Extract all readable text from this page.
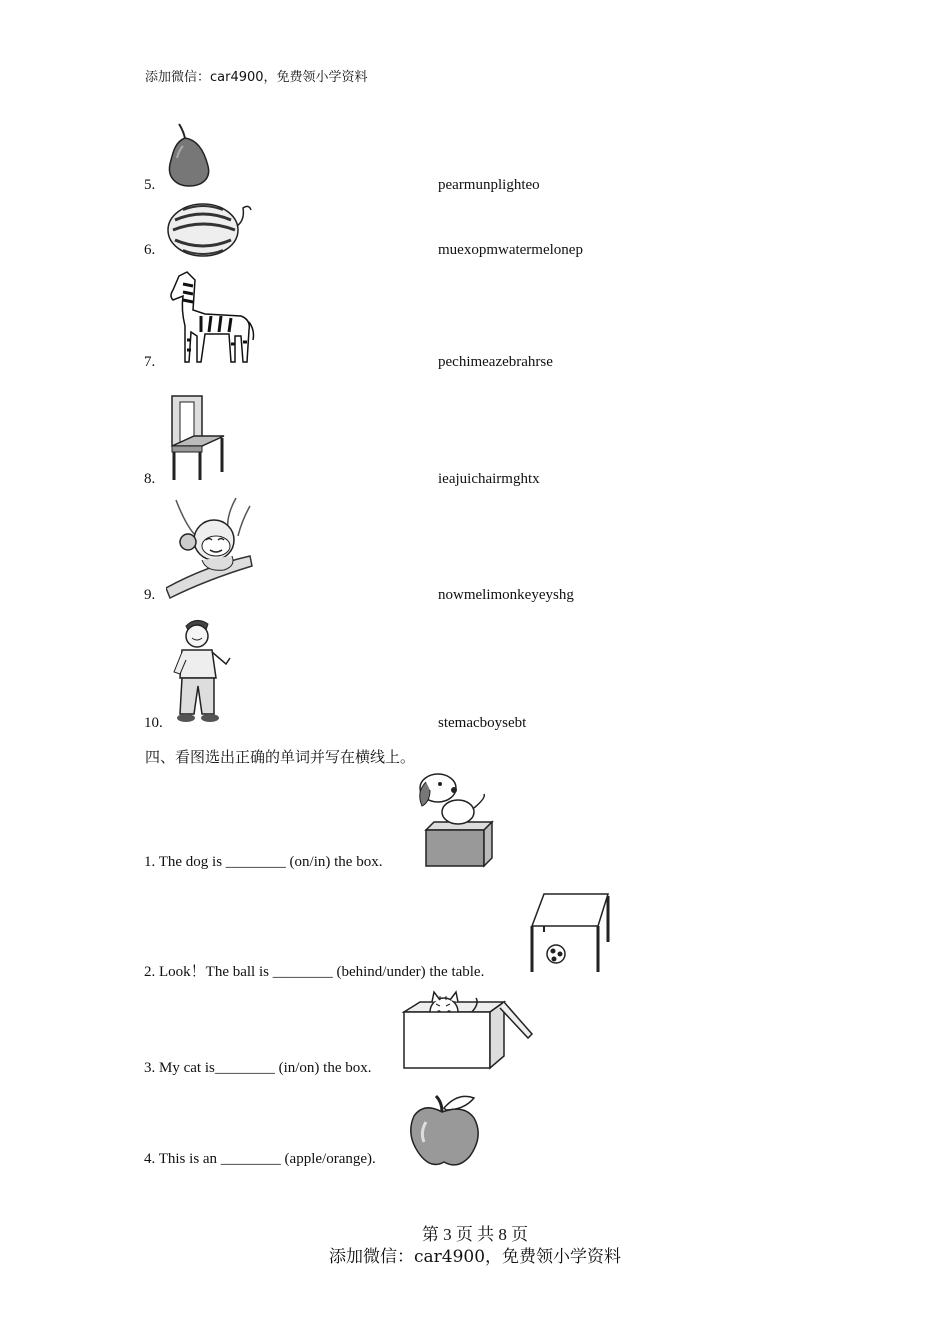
添加微信：car4900，免费领小学资料
5.	pearmunplighteo
6.	muexopmwatermelonep
7.	pechimeazebrahrse
8.	ieajuichairmghtx
9.	nowmelimonkeyeyshg
10.	stemacboysebt
四、看图选出正确的单词并写在横线上。
1. The dog is ________ (on/in) the box.
2. Look！The ball is ________ (behind/under) the table.
3. My cat is________ (in/on) the box.
4. This is an ________ (apple/orange).
第 3 页 共 8 页
添加微信：car4900，免费领小学资料
